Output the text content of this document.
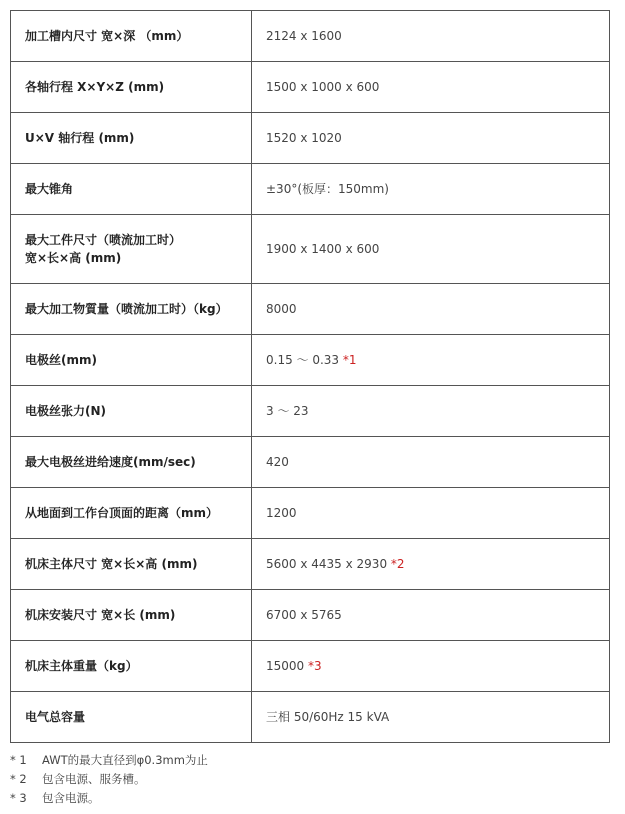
加工槽内尺寸 宽×深 （mm）	2124 x 1600
各轴行程 X×Y×Z (mm)	1500 x 1000 x 600
U×V 轴行程 (mm)	1520 x 1020
最大锥角	±30°(板厚：150mm)
最大工件尺寸（喷流加工时）
宽×长×高 (mm)	1900 x 1400 x 600
最大加工物質量（喷流加工时）（kg）	8000
电极丝(mm)	0.15 ～ 0.33 *1
电极丝张力(N)	3 ～ 23
最大电极丝进给速度(mm/sec)	420
从地面到工作台顶面的距离（mm）	1200
机床主体尺寸 宽×长×高 (mm)	5600 x 4435 x 2930 *2
机床安装尺寸 宽×长 (mm)	6700 x 5765
机床主体重量（kg）	15000 *3
电气总容量	三相 50/60Hz 15 kVA
* 1 AWT的最大直径到φ0.3mm为止
* 2 包含电源、服务槽。
* 3 包含电源。
